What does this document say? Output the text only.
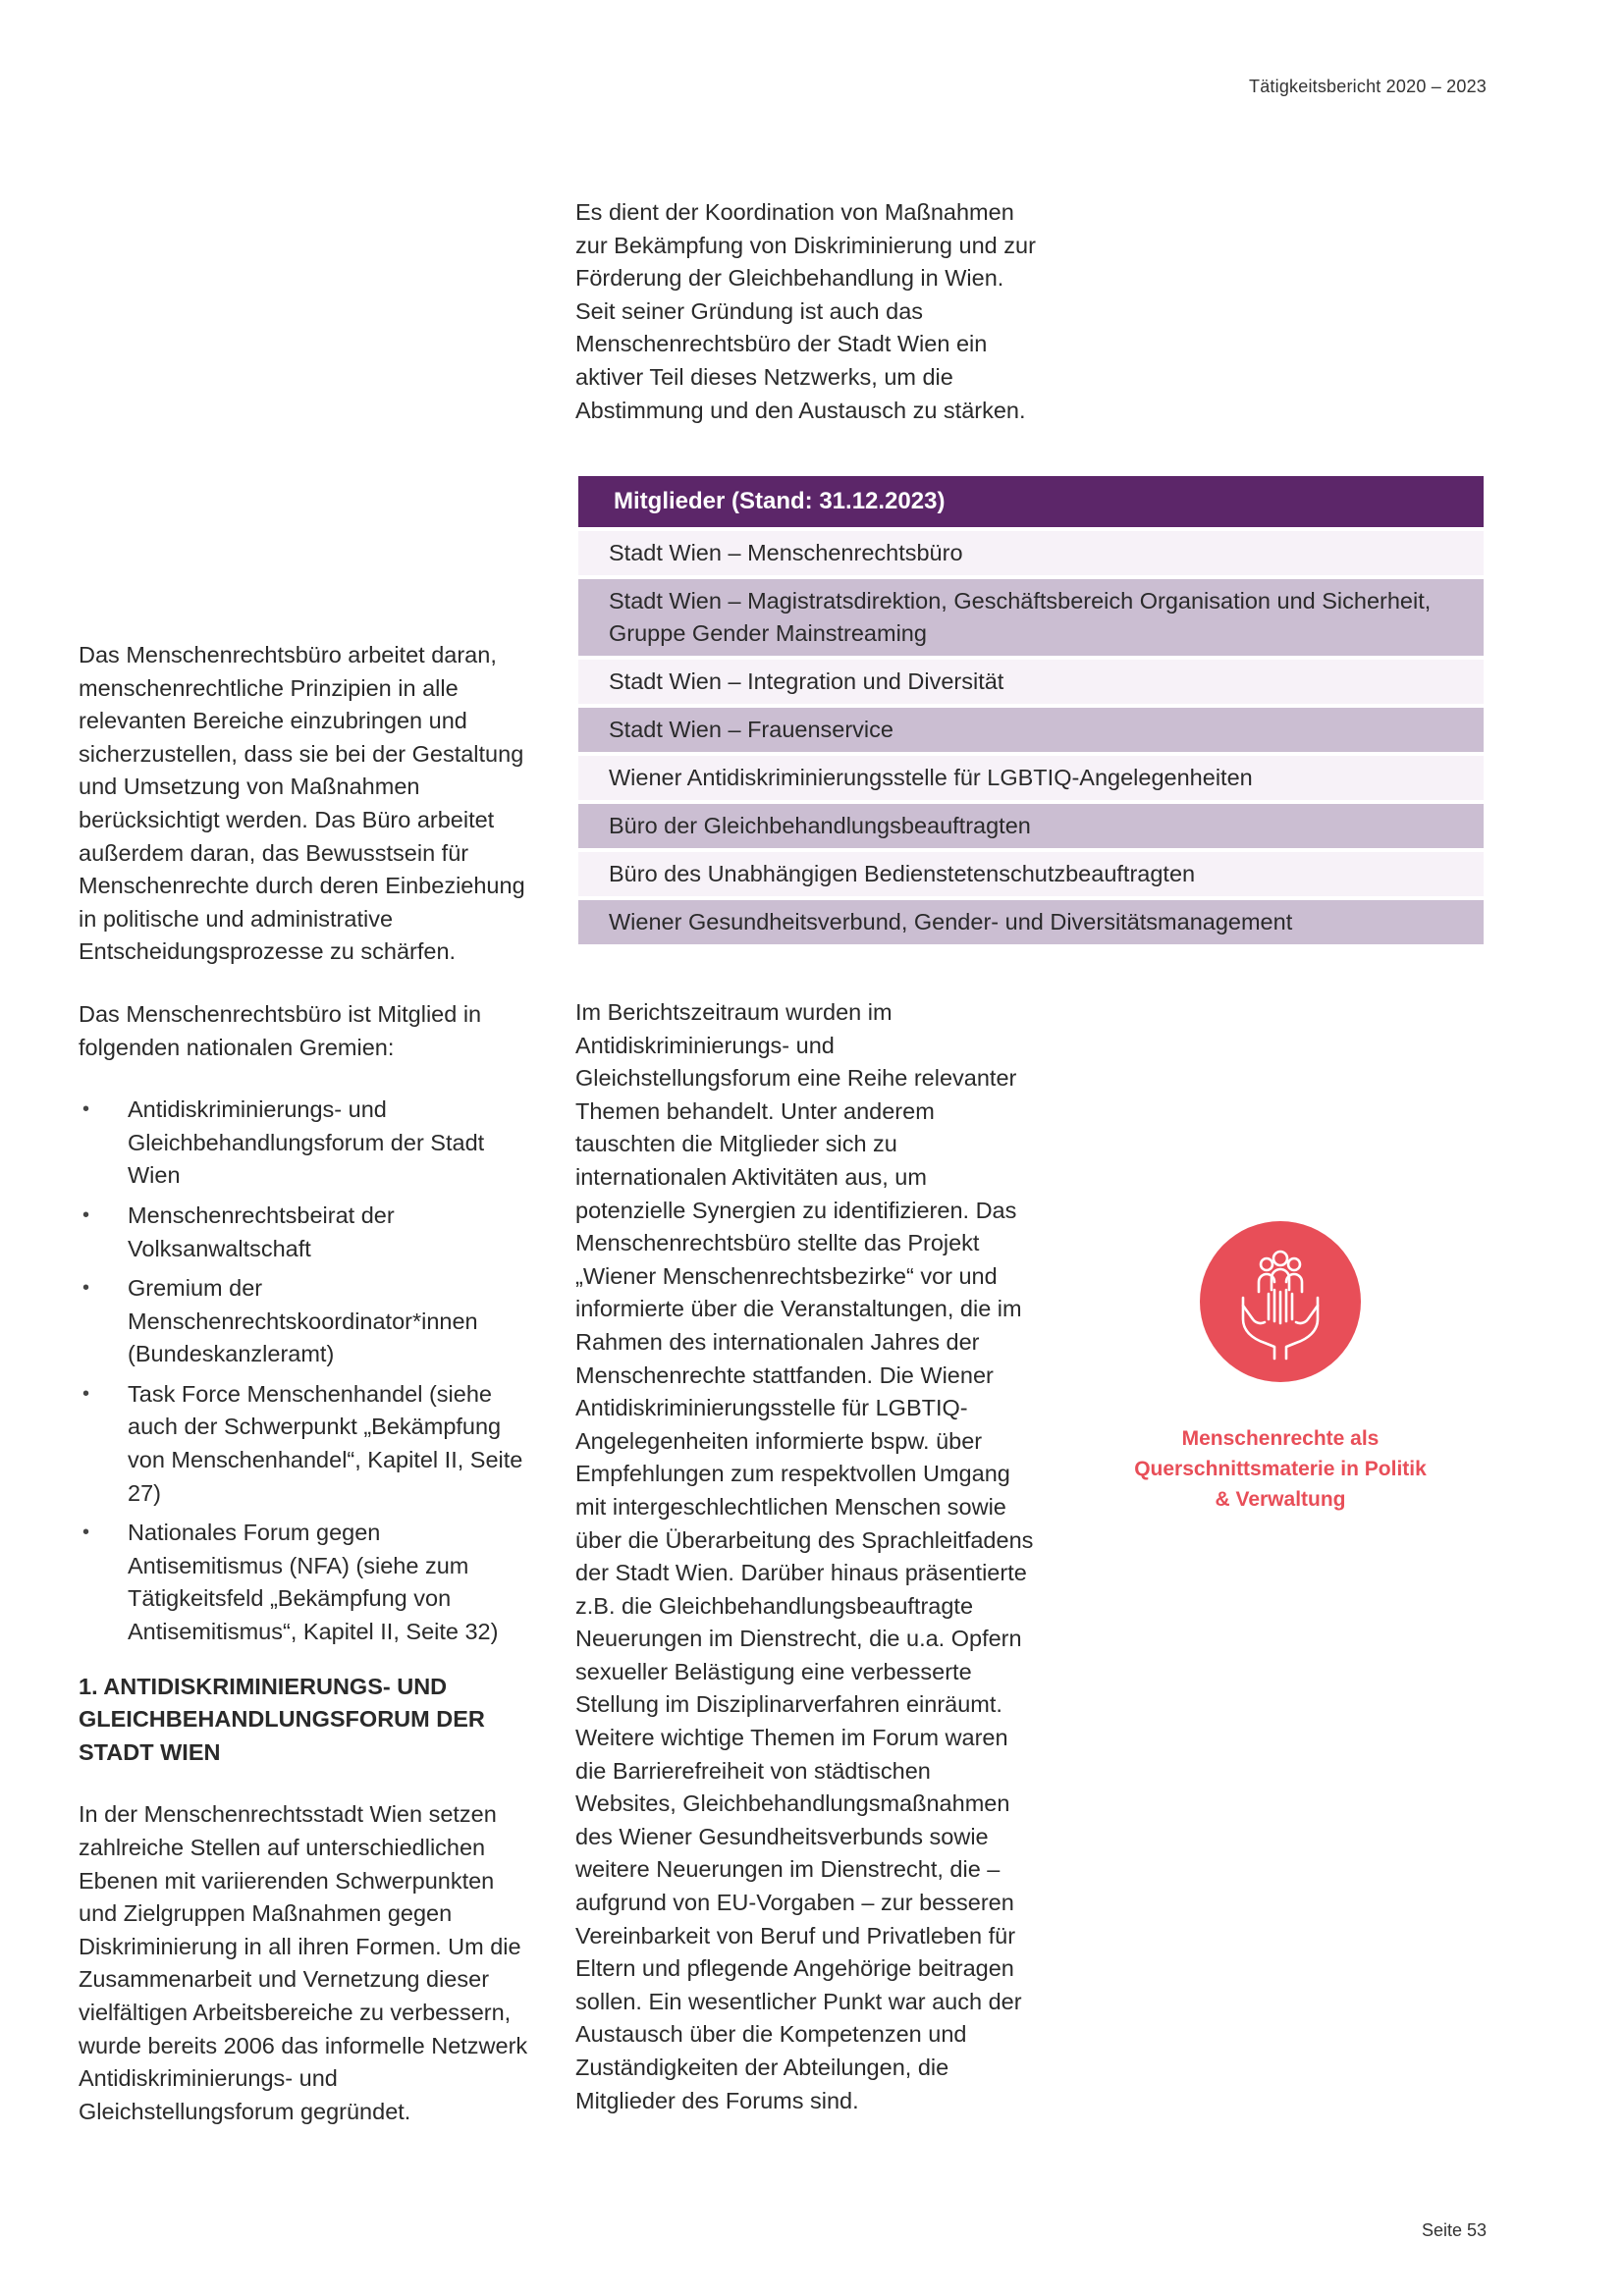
Tätigkeitsbericht 2020 – 2023

Es dient der Koordination von Maßnahmen zur Bekämpfung von Diskriminierung und zur Förderung der Gleichbehandlung in Wien. Seit seiner Gründung ist auch das Menschenrechtsbüro der Stadt Wien ein aktiver Teil dieses Netzwerks, um die Abstimmung und den Austausch zu stärken.

Mitglieder (Stand: 31.12.2023)
Stadt Wien – Menschenrechtsbüro
Stadt Wien – Magistratsdirektion, Geschäftsbereich Organisation und Sicherheit, Gruppe Gender Mainstreaming
Stadt Wien – Integration und Diversität
Stadt Wien – Frauenservice
Wiener Antidiskriminierungsstelle für LGBTIQ-Angelegenheiten
Büro der Gleichbehandlungsbeauftragten
Büro des Unabhängigen Bedienstetenschutzbeauftragten
Wiener Gesundheitsverbund, Gender- und Diversitätsmanagement

Das Menschenrechtsbüro arbeitet daran, menschenrechtliche Prinzipien in alle relevanten Bereiche einzubringen und sicherzustellen, dass sie bei der Gestaltung und Umsetzung von Maßnahmen berücksichtigt werden. Das Büro arbeitet außerdem daran, das Bewusstsein für Menschenrechte durch deren Einbeziehung in politische und administrative Entscheidungsprozesse zu schärfen.

Das Menschenrechtsbüro ist Mitglied in folgenden nationalen Gremien:

• Antidiskriminierungs- und Gleichbehandlungsforum der Stadt Wien
• Menschenrechtsbeirat der Volksanwaltschaft
• Gremium der Menschenrechtskoordinator*innen (Bundeskanzleramt)
• Task Force Menschenhandel (siehe auch der Schwerpunkt „Bekämpfung von Menschenhandel“, Kapitel II, Seite 27)
• Nationales Forum gegen Antisemitismus (NFA) (siehe zum Tätigkeitsfeld „Bekämpfung von Antisemitismus“, Kapitel II, Seite 32)
1. ANTIDISKRIMINIERUNGS- UND GLEICHBEHANDLUNGSFORUM DER STADT WIEN

In der Menschenrechtsstadt Wien setzen zahlreiche Stellen auf unterschiedlichen Ebenen mit variierenden Schwerpunkten und Zielgruppen Maßnahmen gegen Diskriminierung in all ihren Formen. Um die Zusammenarbeit und Vernetzung dieser vielfältigen Arbeitsbereiche zu verbessern, wurde bereits 2006 das informelle Netzwerk Antidiskriminierungs- und Gleichstellungsforum gegründet.

Im Berichtszeitraum wurden im Antidiskriminierungs- und Gleichstellungsforum eine Reihe relevanter Themen behandelt. Unter anderem tauschten die Mitglieder sich zu internationalen Aktivitäten aus, um potenzielle Synergien zu identifizieren. Das Menschenrechtsbüro stellte das Projekt „Wiener Menschenrechtsbezirke“ vor und informierte über die Veranstaltungen, die im Rahmen des internationalen Jahres der Menschenrechte stattfanden. Die Wiener Antidiskriminierungsstelle für LGBTIQ-Angelegenheiten informierte bspw. über Empfehlungen zum respektvollen Umgang mit intergeschlechtlichen Menschen sowie über die Überarbeitung des Sprachleitfadens der Stadt Wien. Darüber hinaus präsentierte z.B. die Gleichbehandlungsbeauftragte Neuerungen im Dienstrecht, die u.a. Opfern sexueller Belästigung eine verbesserte Stellung im Disziplinarverfahren einräumt. Weitere wichtige Themen im Forum waren die Barrierefreiheit von städtischen Websites, Gleichbehandlungsmaßnahmen des Wiener Gesundheitsverbunds sowie weitere Neuerungen im Dienstrecht, die – aufgrund von EU-Vorgaben – zur besseren Vereinbarkeit von Beruf und Privatleben für Eltern und pflegende Angehörige beitragen sollen. Ein wesentlicher Punkt war auch der Austausch über die Kompetenzen und Zuständigkeiten der Abteilungen, die Mitglieder des Forums sind.

Menschenrechte als Querschnittsmaterie in Politik & Verwaltung
Seite 53
